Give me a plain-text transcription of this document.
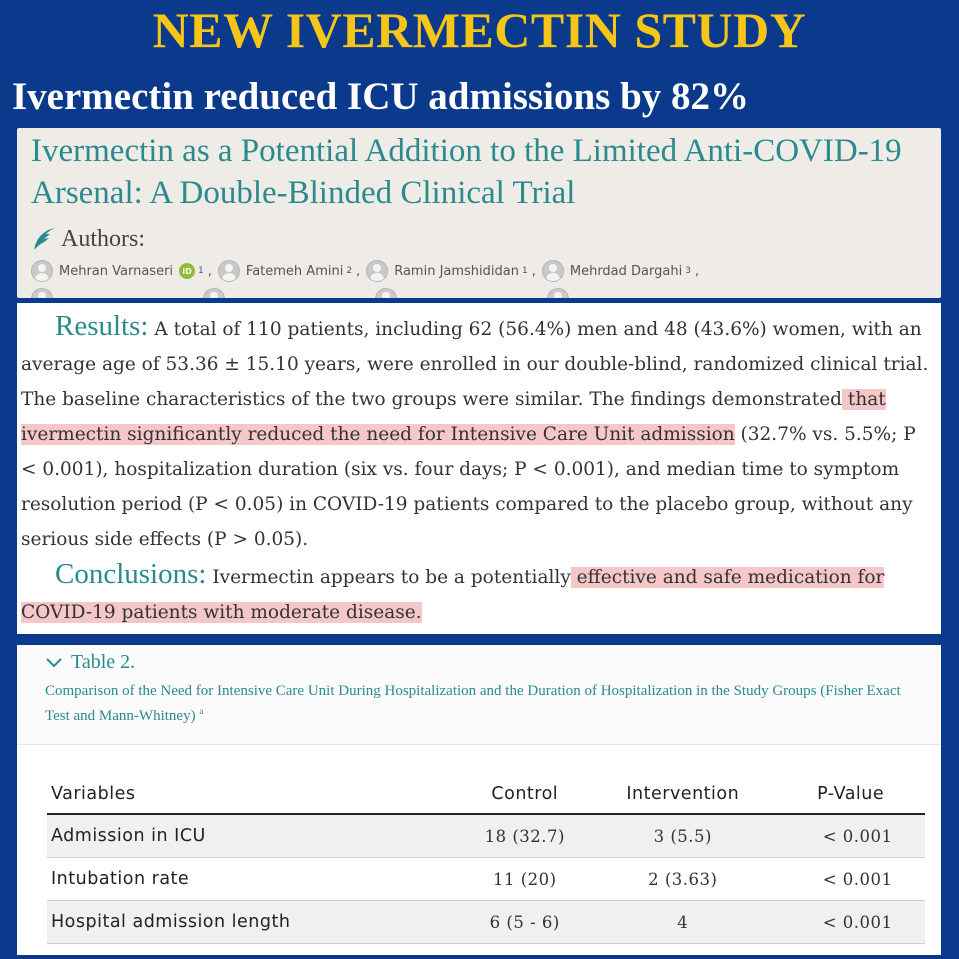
NEW IVERMECTIN STUDY
Ivermectin reduced ICU admissions by 82%
Ivermectin as a Potential Addition to the Limited Anti-COVID-19 Arsenal: A Double-Blinded Clinical Trial
Authors:
Mehran Varnaseri	iD 1 ,	Fatemeh Amini 2 ,	Ramin Jamshididan 1 ,	Mehrdad Dargahi 3 ,

Results: A total of 110 patients, including 62 (56.4%) men and 48 (43.6%) women, with an average age of 53.36 ± 15.10 years, were enrolled in our double-blind, randomized clinical trial. The baseline characteristics of the two groups were similar. The findings demonstrated that ivermectin significantly reduced the need for Intensive Care Unit admission (32.7% vs. 5.5%; P < 0.001), hospitalization duration (six vs. four days; P < 0.001), and median time to symptom resolution period (P < 0.05) in COVID-19 patients compared to the placebo group, without any serious side effects (P > 0.05).
Conclusions: Ivermectin appears to be a potentially effective and safe medication for COVID-19 patients with moderate disease.

Table 2.
Comparison of the Need for Intensive Care Unit During Hospitalization and the Duration of Hospitalization in the Study Groups (Fisher Exact Test and Mann-Whitney) $^a$
Variables	Control	Intervention	P-Value
Admission in ICU	18 (32.7)	3 (5.5)	< 0.001
Intubation rate	11 (20)	2 (3.63)	< 0.001
Hospital admission length	6 (5 - 6)	4	< 0.001
